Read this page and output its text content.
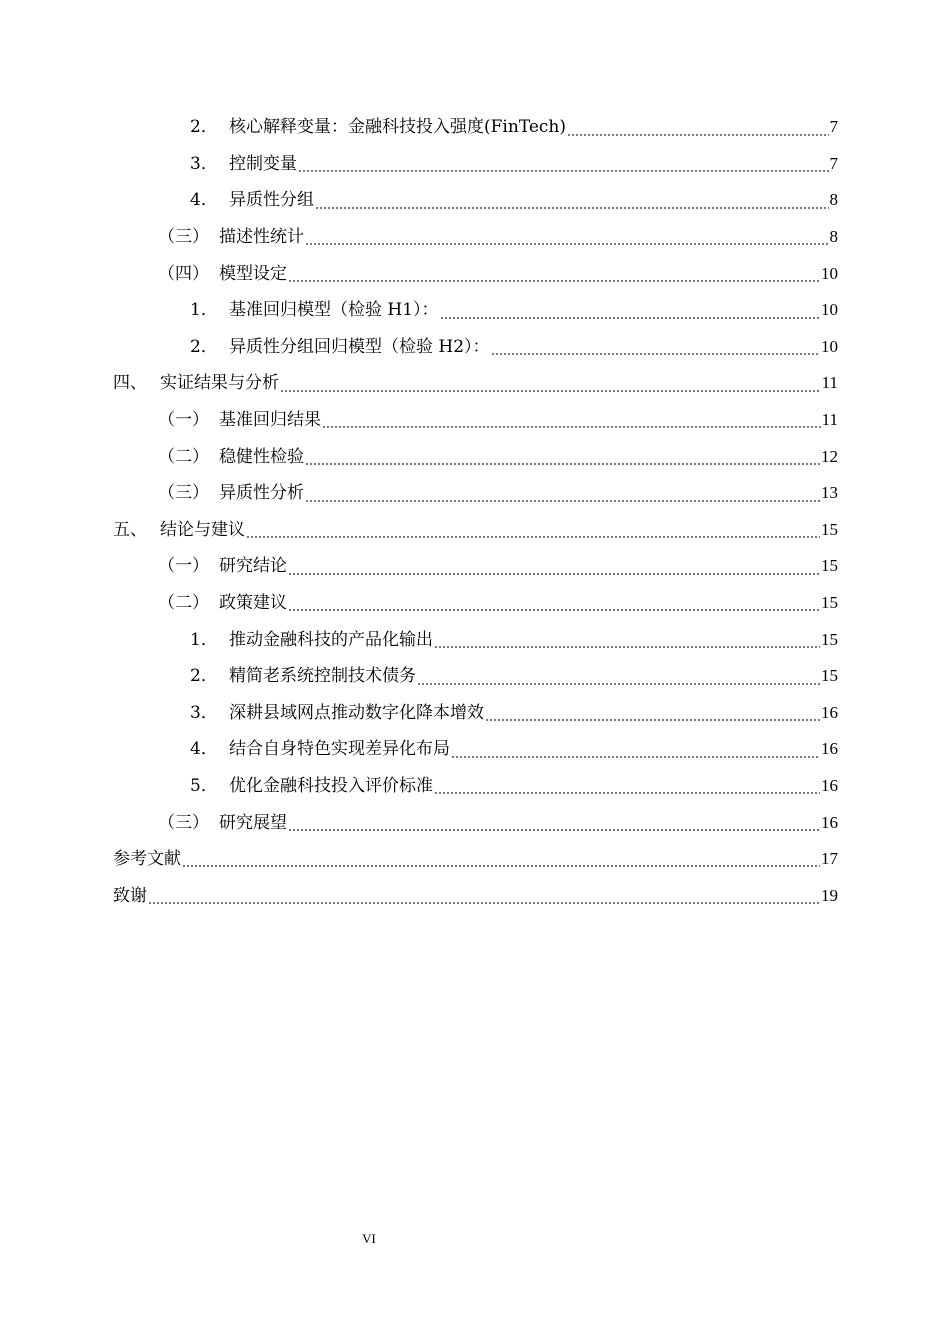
2． 核心解释变量：金融科技投入强度(FinTech)	7
3． 控制变量	7
4． 异质性分组	8
（三） 描述性统计	8
（四） 模型设定	10
1． 基准回归模型（检验 H1）：	10
2． 异质性分组回归模型（检验 H2）：	10
四、 实证结果与分析	11
（一） 基准回归结果	11
（二） 稳健性检验	12
（三） 异质性分析	13
五、 结论与建议	15
（一） 研究结论	15
（二） 政策建议	15
1． 推动金融科技的产品化输出	15
2． 精简老系统控制技术债务	15
3． 深耕县域网点推动数字化降本增效	16
4． 结合自身特色实现差异化布局	16
5． 优化金融科技投入评价标准	16
（三） 研究展望	16
参考文献	17
致谢	19
VI
